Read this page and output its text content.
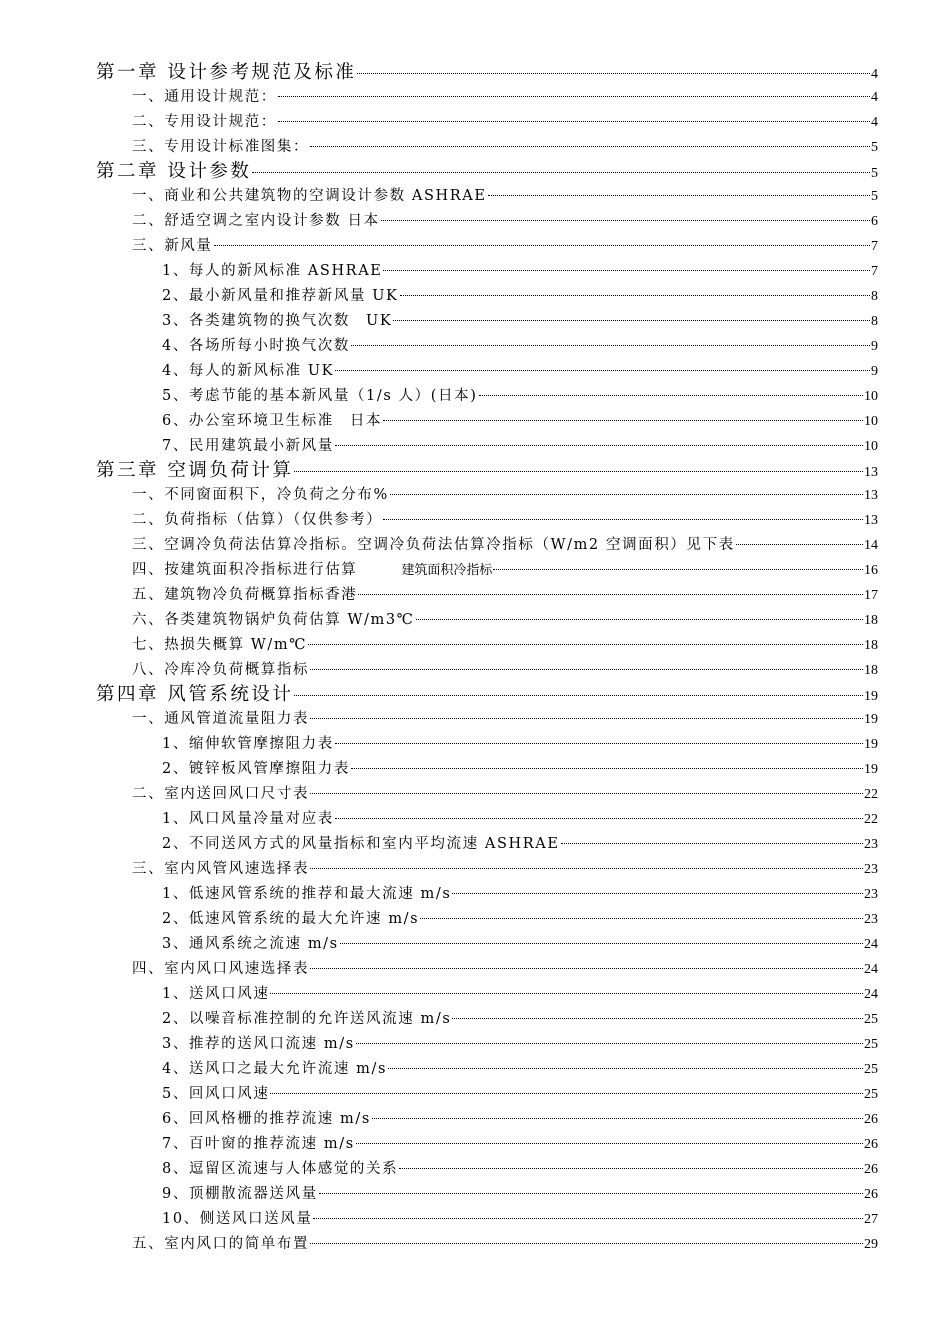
第一章 设计参考规范及标准	4
一、通用设计规范：	4
二、专用设计规范：	4
三、专用设计标准图集：	5
第二章 设计参数	5
一、商业和公共建筑物的空调设计参数 ASHRAE	5
二、舒适空调之室内设计参数 日本	6
三、新风量	7
1、每人的新风标准 ASHRAE	7
2、最小新风量和推荐新风量 UK	8
3、各类建筑物的换气次数　UK	8
4、各场所每小时换气次数	9
4、每人的新风标准 UK	9
5、考虑节能的基本新风量（1/s 人）(日本)	10
6、办公室环境卫生标准　日本	10
7、民用建筑最小新风量	10
第三章 空调负荷计算	13
一、不同窗面积下，冷负荷之分布%	13
二、负荷指标（估算）（仅供参考）	13
三、空调冷负荷法估算冷指标。空调冷负荷法估算冷指标（W/m2 空调面积）见下表	14
四、按建筑面积冷指标进行估算	建筑面积冷指标	16
五、建筑物冷负荷概算指标香港	17
六、各类建筑物锅炉负荷估算 W/m3℃	18
七、热损失概算 W/m℃	18
八、冷库冷负荷概算指标	18
第四章 风管系统设计	19
一、通风管道流量阻力表	19
1、缩伸软管摩擦阻力表	19
2、镀锌板风管摩擦阻力表	19
二、室内送回风口尺寸表	22
1、风口风量冷量对应表	22
2、不同送风方式的风量指标和室内平均流速 ASHRAE	23
三、室内风管风速选择表	23
1、低速风管系统的推荐和最大流速 m/s	23
2、低速风管系统的最大允许速 m/s	23
3、通风系统之流速 m/s	24
四、室内风口风速选择表	24
1、送风口风速	24
2、以噪音标准控制的允许送风流速 m/s	25
3、推荐的送风口流速 m/s	25
4、送风口之最大允许流速 m/s	25
5、回风口风速	25
6、回风格栅的推荐流速 m/s	26
7、百叶窗的推荐流速 m/s	26
8、逗留区流速与人体感觉的关系	26
9、顶棚散流器送风量	26
10、侧送风口送风量	27
五、室内风口的简单布置	29
